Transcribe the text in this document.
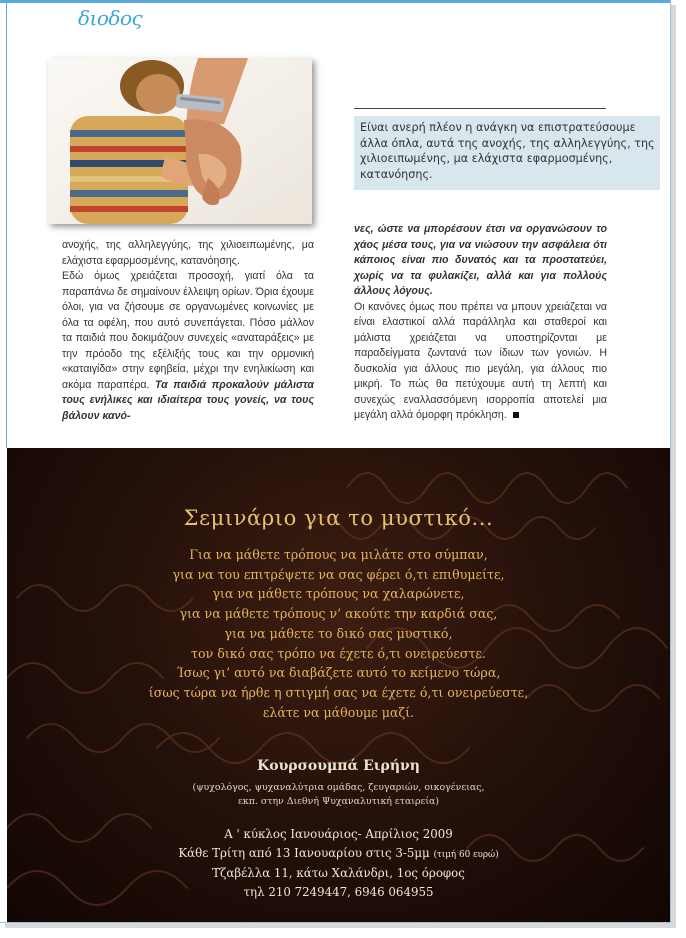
διοδος

Είναι ανερή πλέον η ανάγκη να επιστρατεύσουμε άλλα όπλα, αυτά της ανοχής, της αλληλεγγύης, της χιλιοειπωμένης, μα ελάχιστα εφαρμοσμένης, κατανόησης.

ανοχής, της αλληλεγγύης, της χιλιοειπωμένης, μα ελάχιστα εφαρμοσμένης, κατανόησης.

Εδώ όμως χρειάζεται προσοχή, γιατί όλα τα παραπάνω δε σημαίνουν έλλειψη ορίων. Όρια έχουμε όλοι, για να ζήσουμε σε οργανωμένες κοινωνίες με όλα τα οφέλη, που αυτό συνεπάγεται. Πόσο μάλλον τα παιδιά που δοκιμάζουν συνεχείς «αναταράξεις» με την πρόοδο της εξέλιξής τους και την ορμονική «καταιγίδα» στην εφηβεία, μέχρι την ενηλικίωση και ακόμα παραπέρα. Τα παιδιά προκαλούν μάλιστα τους ενήλικες και ιδιαίτερα τους γονείς, να τους βάλουν κανό-

νες, ώστε να μπορέσουν έτσι να οργανώσουν το χάος μέσα τους, για να νιώσουν την ασφάλεια ότι κάποιος είναι πιο δυνατός και τα προστατεύει, χωρίς να τα φυλακίζει, αλλά και για πολλούς άλλους λόγους.

Οι κανόνες όμως που πρέπει να μπουν χρειάζεται να είναι ελαστικοί αλλά παράλληλα και σταθεροί και μάλιστα χρειάζεται να υποστηρίζονται με παραδείγματα ζωντανά των ίδιων των γονιών. Η δυσκολία για άλλους πιο μεγάλη, για άλλους πιο μικρή. Το πώς θα πετύχουμε αυτή τη λεπτή και συνεχώς εναλλασσόμενη ισορροπία αποτελεί μια μεγάλη αλλά όμορφη πρόκληση.

Σεμινάριο για το μυστικό...
Για να μάθετε τρόπους να μιλάτε στο σύμπαν,
για να του επιτρέψετε να σας φέρει ό,τι επιθυμείτε,
για να μάθετε τρόπους να χαλαρώνετε,
για να μάθετε τρόπους ν’ ακούτε την καρδιά σας,
για να μάθετε το δικό σας μυστικό,
τον δικό σας τρόπο να έχετε ό,τι ονειρεύεστε.
Ίσως γι’ αυτό να διαβάζετε αυτό το κείμενο τώρα,
ίσως τώρα να ήρθε η στιγμή σας να έχετε ό,τι ονειρεύεστε,
ελάτε να μάθουμε μαζί.
Κουρσουμπά Ειρήνη
(ψυχολόγος, ψυχαναλύτρια ομάδας, ζευγαριών, οικογένειας,
εκπ. στην Διεθνή Ψυχαναλυτική εταιρεία)
Α ' κύκλος Ιανουάριος- Απρίλιος 2009
Κάθε Τρίτη από 13 Ιανουαρίου στις 3-5μμ (τιμή 60 ευρώ)
Τζαβέλλα 11, κάτω Χαλάνδρι, 1ος όροφος
τηλ 210 7249447, 6946 064955
